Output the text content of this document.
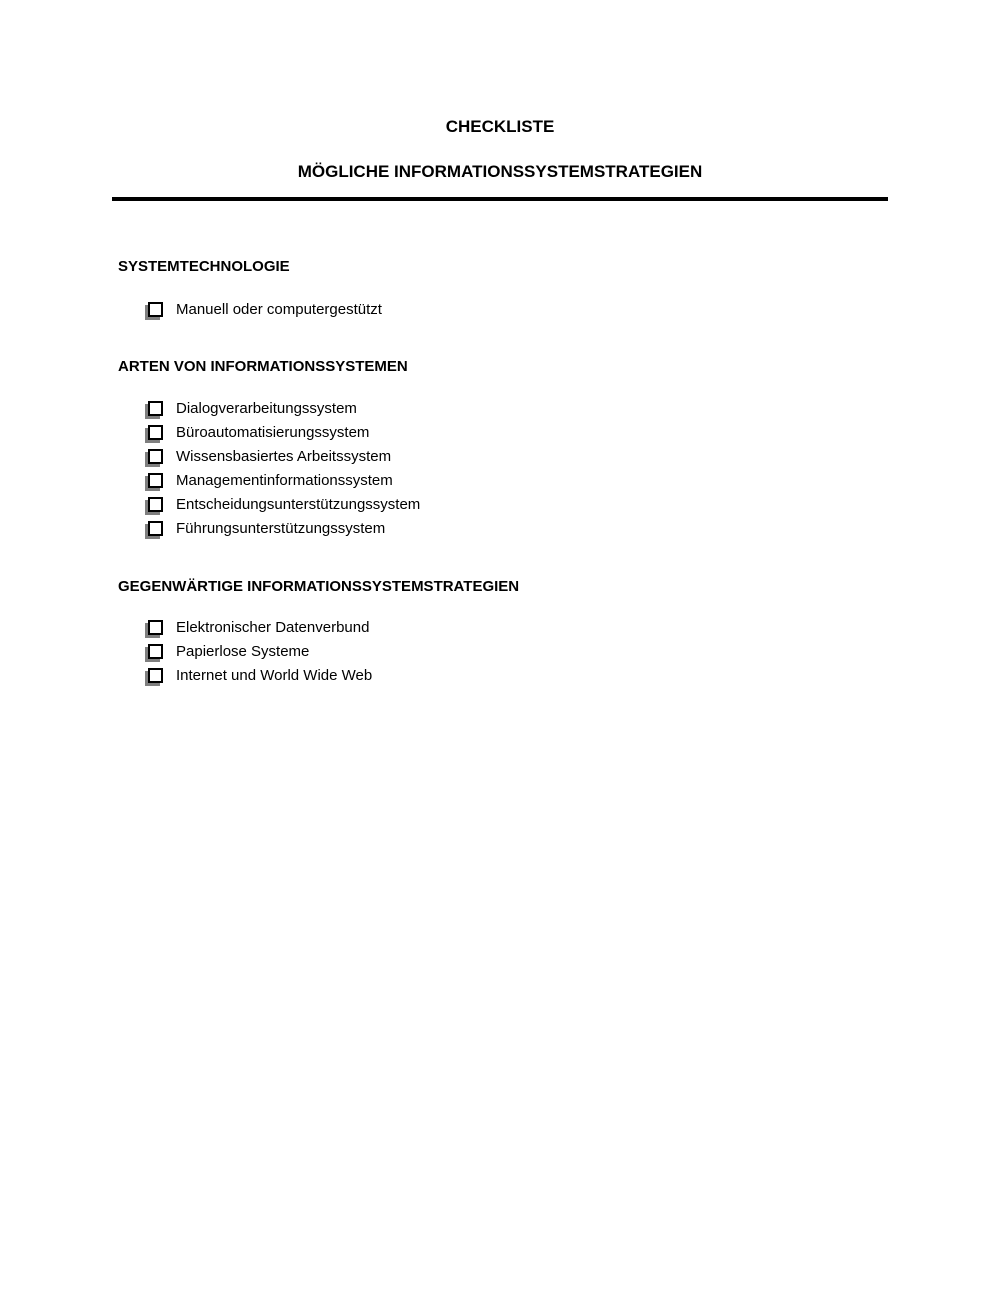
CHECKLISTE
MÖGLICHE INFORMATIONSSYSTEMSTRATEGIEN
SYSTEMTECHNOLOGIE
Manuell oder computergestützt
ARTEN VON INFORMATIONSSYSTEMEN
Dialogverarbeitungssystem
Büroautomatisierungssystem
Wissensbasiertes Arbeitssystem
Managementinformationssystem
Entscheidungsunterstützungssystem
Führungsunterstützungssystem
GEGENWÄRTIGE INFORMATIONSSYSTEMSTRATEGIEN
Elektronischer Datenverbund
Papierlose Systeme
Internet und World Wide Web
